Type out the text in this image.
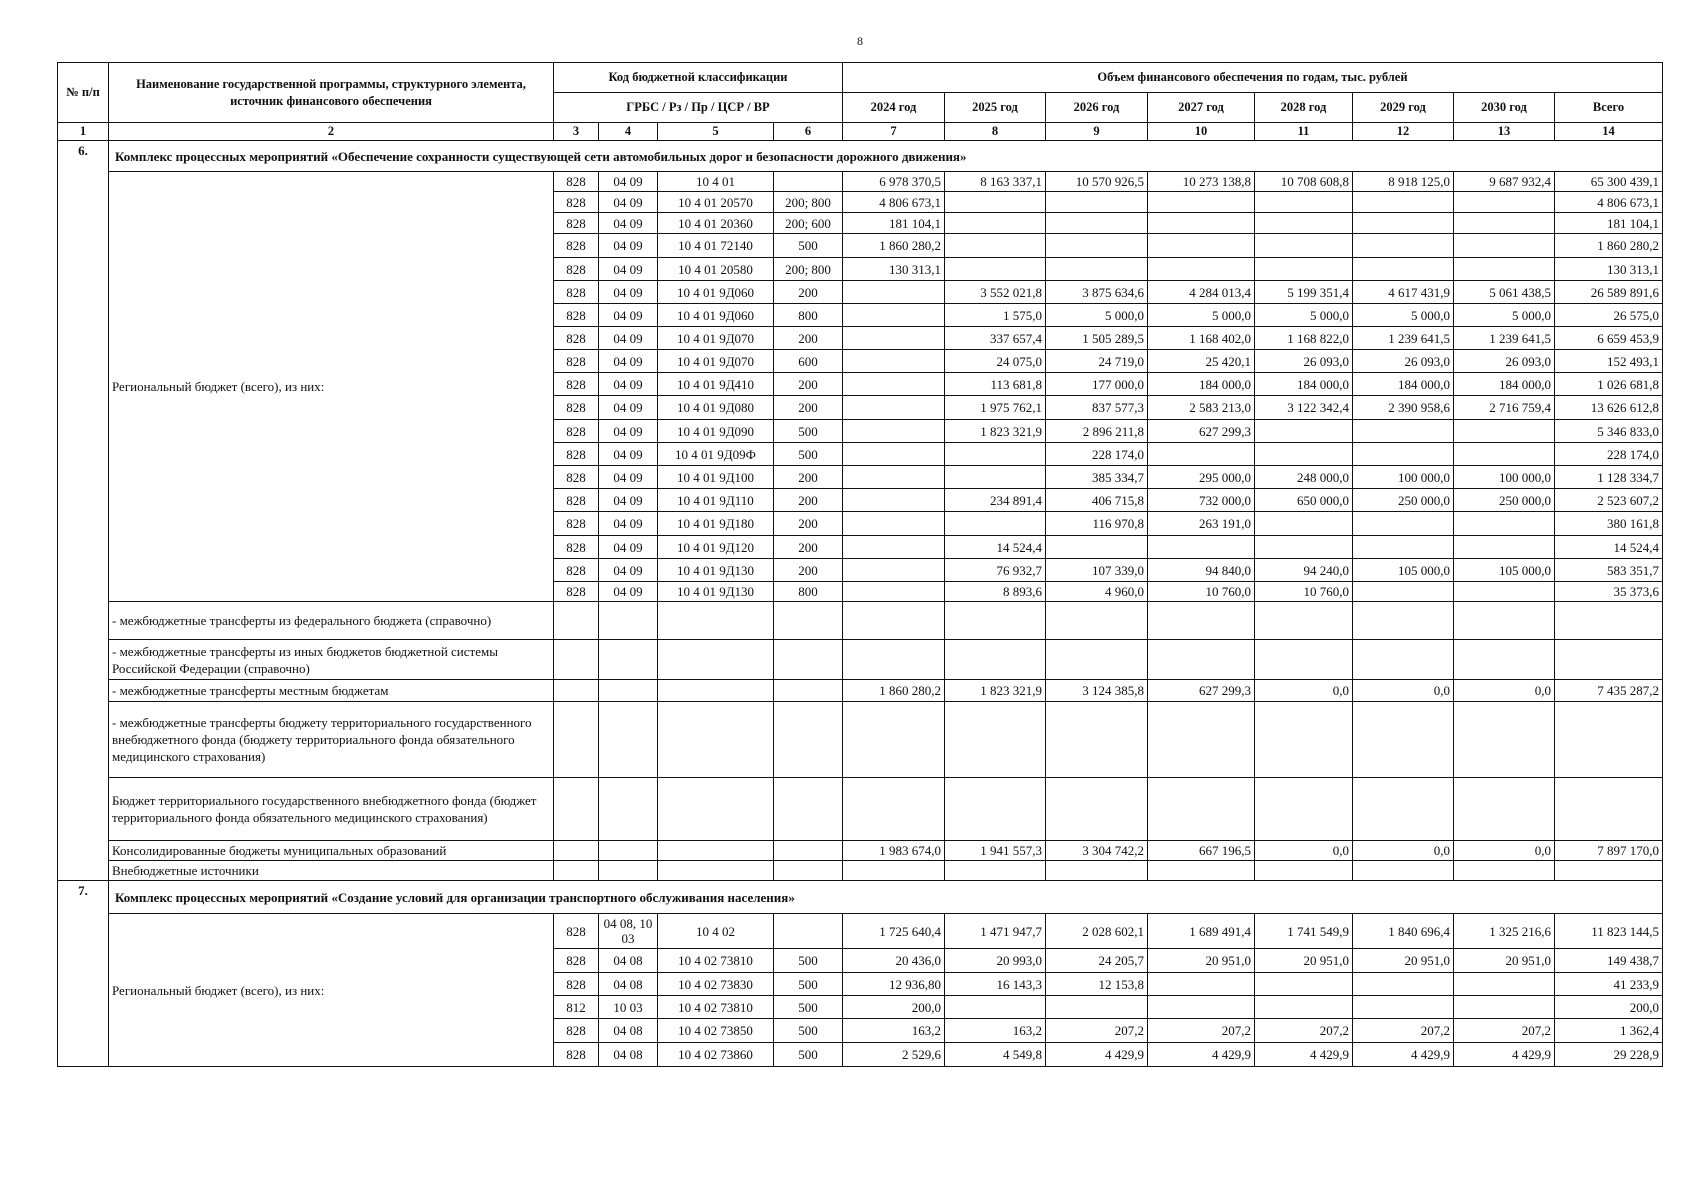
8
№ п/п	Наименование государственной программы, структурного элемента, источник финансового обеспечения	Код бюджетной классификации				Объем финансового обеспечения по годам, тыс. рублей							
		ГРБС / Рз / Пр / ЦСР / ВР				2024 год	2025 год	2026 год	2027 год	2028 год	2029 год	2030 год	Всего
1	2	3	4	5	6	7	8	9	10	11	12	13	14
6.	Комплекс процессных мероприятий «Обеспечение сохранности существующей сети автомобильных дорог и безопасности дорожного движения»												
	Региональный бюджет (всего), из них:	828	04 09	10 4 01		6 978 370,5	8 163 337,1	10 570 926,5	10 273 138,8	10 708 608,8	8 918 125,0	9 687 932,4	65 300 439,1
		828	04 09	10 4 01 20570	200; 800	4 806 673,1							4 806 673,1
		828	04 09	10 4 01 20360	200; 600	181 104,1							181 104,1
		828	04 09	10 4 01 72140	500	1 860 280,2							1 860 280,2
		828	04 09	10 4 01 20580	200; 800	130 313,1							130 313,1
		828	04 09	10 4 01 9Д060	200		3 552 021,8	3 875 634,6	4 284 013,4	5 199 351,4	4 617 431,9	5 061 438,5	26 589 891,6
		828	04 09	10 4 01 9Д060	800		1 575,0	5 000,0	5 000,0	5 000,0	5 000,0	5 000,0	26 575,0
		828	04 09	10 4 01 9Д070	200		337 657,4	1 505 289,5	1 168 402,0	1 168 822,0	1 239 641,5	1 239 641,5	6 659 453,9
		828	04 09	10 4 01 9Д070	600		24 075,0	24 719,0	25 420,1	26 093,0	26 093,0	26 093,0	152 493,1
		828	04 09	10 4 01 9Д410	200		113 681,8	177 000,0	184 000,0	184 000,0	184 000,0	184 000,0	1 026 681,8
		828	04 09	10 4 01 9Д080	200		1 975 762,1	837 577,3	2 583 213,0	3 122 342,4	2 390 958,6	2 716 759,4	13 626 612,8
		828	04 09	10 4 01 9Д090	500		1 823 321,9	2 896 211,8	627 299,3				5 346 833,0
		828	04 09	10 4 01 9Д09Ф	500			228 174,0					228 174,0
		828	04 09	10 4 01 9Д100	200			385 334,7	295 000,0	248 000,0	100 000,0	100 000,0	1 128 334,7
		828	04 09	10 4 01 9Д110	200		234 891,4	406 715,8	732 000,0	650 000,0	250 000,0	250 000,0	2 523 607,2
		828	04 09	10 4 01 9Д180	200			116 970,8	263 191,0				380 161,8
		828	04 09	10 4 01 9Д120	200		14 524,4						14 524,4
		828	04 09	10 4 01 9Д130	200		76 932,7	107 339,0	94 840,0	94 240,0	105 000,0	105 000,0	583 351,7
		828	04 09	10 4 01 9Д130	800		8 893,6	4 960,0	10 760,0	10 760,0			35 373,6
	- межбюджетные трансферты из федерального бюджета (справочно)												
	- межбюджетные трансферты из иных бюджетов бюджетной системы Российской Федерации (справочно)												
	- межбюджетные трансферты местным бюджетам					1 860 280,2	1 823 321,9	3 124 385,8	627 299,3	0,0	0,0	0,0	7 435 287,2
	- межбюджетные трансферты бюджету территориального государственного внебюджетного фонда (бюджету территориального фонда обязательного медицинского страхования)												
	Бюджет территориального государственного внебюджетного фонда (бюджет территориального фонда обязательного медицинского страхования)												
	Консолидированные бюджеты муниципальных образований					1 983 674,0	1 941 557,3	3 304 742,2	667 196,5	0,0	0,0	0,0	7 897 170,0
	Внебюджетные источники												
7.	Комплекс процессных мероприятий «Создание условий для организации транспортного обслуживания населения»												
	Региональный бюджет (всего), из них:	828	04 08, 10 03	10 4 02		1 725 640,4	1 471 947,7	2 028 602,1	1 689 491,4	1 741 549,9	1 840 696,4	1 325 216,6	11 823 144,5
		828	04 08	10 4 02 73810	500	20 436,0	20 993,0	24 205,7	20 951,0	20 951,0	20 951,0	20 951,0	149 438,7
		828	04 08	10 4 02 73830	500	12 936,80	16 143,3	12 153,8					41 233,9
		812	10 03	10 4 02 73810	500	200,0							200,0
		828	04 08	10 4 02 73850	500	163,2	163,2	207,2	207,2	207,2	207,2	207,2	1 362,4
		828	04 08	10 4 02 73860	500	2 529,6	4 549,8	4 429,9	4 429,9	4 429,9	4 429,9	4 429,9	29 228,9
